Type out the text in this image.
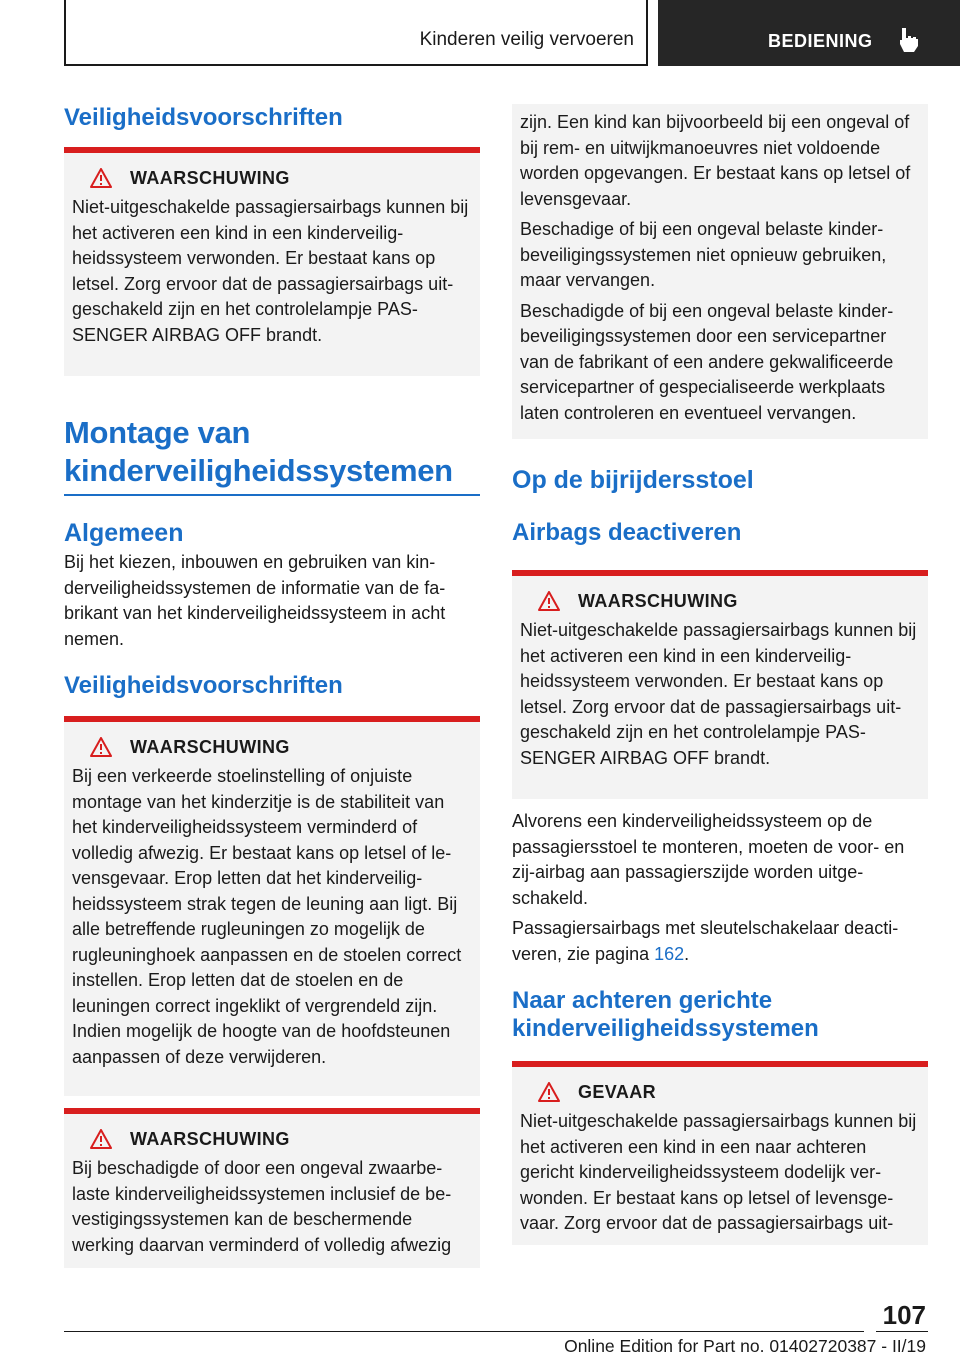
Kinderen veilig vervoeren	BEDIENING
Veiligheidsvoorschriften
WAARSCHUWING

Niet-uitgeschakelde passagiersairbags kunnen bij het activeren een kind in een kinderveiligheidssysteem verwonden. Er bestaat kans op letsel. Zorg ervoor dat de passagiersairbags uitgeschakeld zijn en het controlelampje PASSENGER AIRBAG OFF brandt.

Montage van kinderveiligheidssystemen
Algemeen

Bij het kiezen, inbouwen en gebruiken van kinderveiligheidssystemen de informatie van de fabrikant van het kinderveiligheidssysteem in acht nemen.

Veiligheidsvoorschriften
WAARSCHUWING

Bij een verkeerde stoelinstelling of onjuiste montage van het kinderzitje is de stabiliteit van het kinderveiligheidssysteem verminderd of volledig afwezig. Er bestaat kans op letsel of levensgevaar. Erop letten dat het kinderveiligheidssysteem strak tegen de leuning aan ligt. Bij alle betreffende rugleuningen zo mogelijk de rugleuninghoek aanpassen en de stoelen correct instellen. Erop letten dat de stoelen en de leuningen correct ingeklikt of vergrendeld zijn. Indien mogelijk de hoogte van de hoofdsteunen aanpassen of deze verwijderen.

WAARSCHUWING

Bij beschadigde of door een ongeval zwaarbelaste kinderveiligheidssystemen inclusief de bevestigingssystemen kan de beschermende werking daarvan verminderd of volledig afwezig

zijn. Een kind kan bijvoorbeeld bij een ongeval of bij rem- en uitwijkmanoeuvres niet voldoende worden opgevangen. Er bestaat kans op letsel of levensgevaar.

Beschadige of bij een ongeval belaste kinderbeveiligingssystemen niet opnieuw gebruiken, maar vervangen.

Beschadigde of bij een ongeval belaste kinderbeveiligingssystemen door een servicepartner van de fabrikant of een andere gekwalificeerde servicepartner of gespecialiseerde werkplaats laten controleren en eventueel vervangen.

Op de bijrijdersstoel
Airbags deactiveren
WAARSCHUWING

Niet-uitgeschakelde passagiersairbags kunnen bij het activeren een kind in een kinderveiligheidssysteem verwonden. Er bestaat kans op letsel. Zorg ervoor dat de passagiersairbags uitgeschakeld zijn en het controlelampje PASSENGER AIRBAG OFF brandt.

Alvorens een kinderveiligheidssysteem op de passagiersstoel te monteren, moeten de voor- en zij-airbag aan passagierszijde worden uitgeschakeld.

Passagiersairbags met sleutelschakelaar deactiveren, zie pagina 162.

Naar achteren gerichte kinderveiligheidssystemen
GEVAAR

Niet-uitgeschakelde passagiersairbags kunnen bij het activeren een kind in een naar achteren gericht kinderveiligheidssysteem dodelijk verwonden. Er bestaat kans op letsel of levensgevaar. Zorg ervoor dat de passagiersairbags uit-

107
Online Edition for Part no. 01402720387 - II/19
